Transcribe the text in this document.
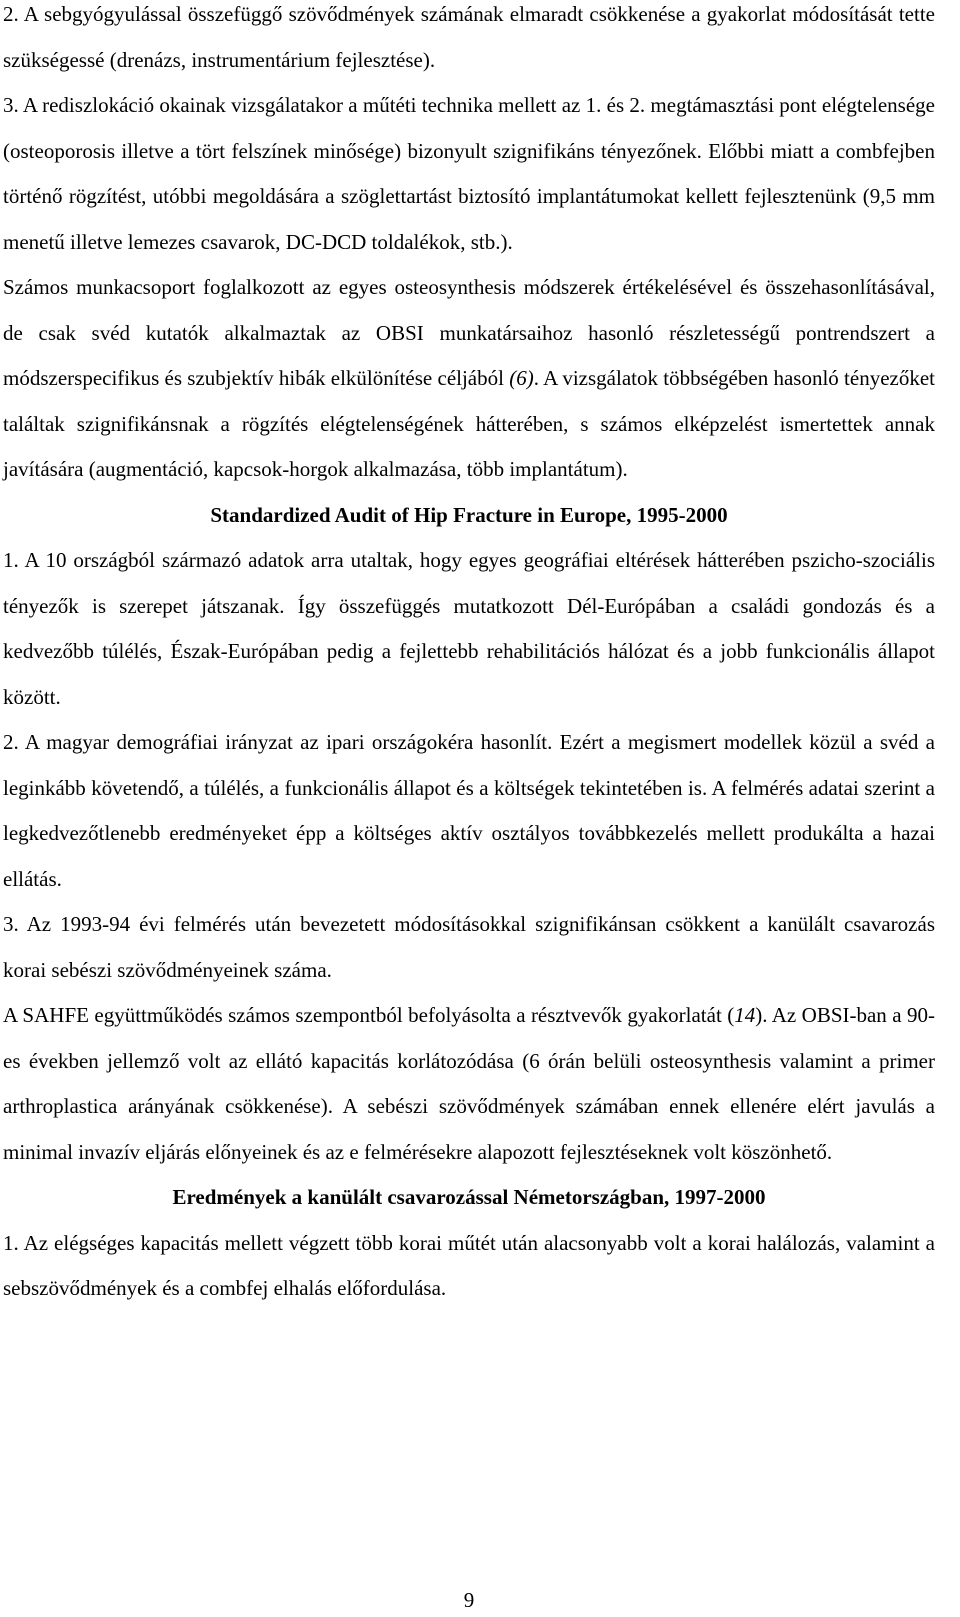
2. A sebgyógyulással összefüggő szövődmények számának elmaradt csökkenése a gyakorlat módosítását tette szükségessé (drenázs, instrumentárium fejlesztése).

3. A rediszlokáció okainak vizsgálatakor a műtéti technika mellett az 1. és 2. megtámasztási pont elégtelensége (osteoporosis illetve a tört felszínek minősége) bizonyult szignifikáns tényezőnek. Előbbi miatt a combfejben történő rögzítést, utóbbi megoldására a szöglettartást biztosító implantátumokat kellett fejlesztenünk (9,5 mm menetű illetve lemezes csavarok, DC-DCD toldalékok, stb.).

Számos munkacsoport foglalkozott az egyes osteosynthesis módszerek értékelésével és összehasonlításával, de csak svéd kutatók alkalmaztak az OBSI munkatársaihoz hasonló részletességű pontrendszert a módszerspecifikus és szubjektív hibák elkülönítése céljából (6). A vizsgálatok többségében hasonló tényezőket találtak szignifikánsnak a rögzítés elégtelenségének hátterében, s számos elképzelést ismertettek annak javítására (augmentáció, kapcsok-horgok alkalmazása, több implantátum).

Standardized Audit of Hip Fracture in Europe, 1995-2000

1. A 10 országból származó adatok arra utaltak, hogy egyes geográfiai eltérések hátterében pszicho-szociális tényezők is szerepet játszanak. Így összefüggés mutatkozott Dél-Európában a családi gondozás és a kedvezőbb túlélés, Észak-Európában pedig a fejlettebb rehabilitációs hálózat és a jobb funkcionális állapot között.

2. A magyar demográfiai irányzat az ipari országokéra hasonlít. Ezért a megismert modellek közül a svéd a leginkább követendő, a túlélés, a funkcionális állapot és a költségek tekintetében is. A felmérés adatai szerint a legkedvezőtlenebb eredményeket épp a költséges aktív osztályos továbbkezelés mellett produkálta a hazai ellátás.

3. Az 1993-94 évi felmérés után bevezetett módosításokkal szignifikánsan csökkent a kanülált csavarozás korai sebészi szövődményeinek száma.

A SAHFE együttműködés számos szempontból befolyásolta a résztvevők gyakorlatát (14). Az OBSI-ban a 90-es években jellemző volt az ellátó kapacitás korlátozódása (6 órán belüli osteosynthesis valamint a primer arthroplastica arányának csökkenése). A sebészi szövődmények számában ennek ellenére elért javulás a minimal invazív eljárás előnyeinek és az e felmérésekre alapozott fejlesztéseknek volt köszönhető.

Eredmények a kanülált csavarozással Németországban, 1997-2000

1. Az elégséges kapacitás mellett végzett több korai műtét után alacsonyabb volt a korai halálozás, valamint a sebszövődmények és a combfej elhalás előfordulása.

9
